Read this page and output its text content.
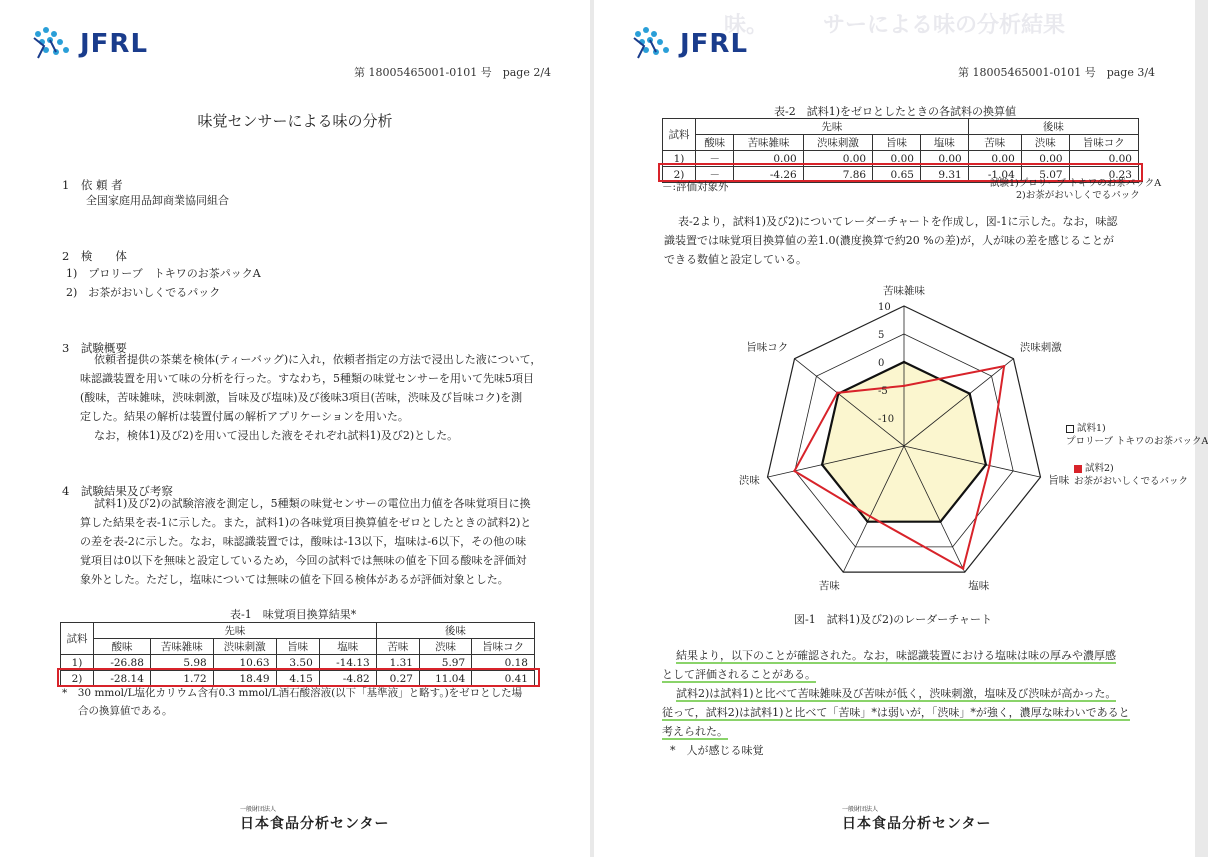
JFRL
第 18005465001-0101 号　page 2/4
味覚センサーによる味の分析
1　依 頼 者
全国家庭用品卸商業協同組合
2　検　　体
1)　プロリーブ　トキワのお茶パックA
2)　お茶がおいしくでるパック
3　試験概要
依頼者提供の茶葉を検体(ティーバッグ)に入れ，依頼者指定の方法で浸出した液について，
味認識装置を用いて味の分析を行った。すなわち，5種類の味覚センサーを用いて先味5項目
(酸味，苦味雑味，渋味刺激，旨味及び塩味)及び後味3項目(苦味，渋味及び旨味コク)を測
定した。結果の解析は装置付属の解析アプリケーションを用いた。
なお，検体1)及び2)を用いて浸出した液をそれぞれ試料1)及び2)とした。
4　試験結果及び考察
試料1)及び2)の試験溶液を測定し，5種類の味覚センサーの電位出力値を各味覚項目に換
算した結果を表-1に示した。また，試料1)の各味覚項目換算値をゼロとしたときの試料2)と
の差を表-2に示した。なお，味認識装置では，酸味は-13以下，塩味は-6以下，その他の味
覚項目は0以下を無味と設定しているため，今回の試料では無味の値を下回る酸味を評価対
象外とした。ただし，塩味については無味の値を下回る検体があるが評価対象とした。
表-1　味覚項目換算結果*
試料	先味					後味		
	酸味	苦味雑味	渋味刺激	旨味	塩味	苦味	渋味	旨味コク
1)	-26.88	5.98	10.63	3.50	-14.13	1.31	5.97	0.18
2)	-28.14	1.72	18.49	4.15	-4.82	0.27	11.04	0.41
*　30 mmol/L塩化カリウム含有0.3 mmol/L酒石酸溶液(以下「基準液」と略す。)をゼロとした場
合の換算値である。
一般財団法人
日本食品分析センター
味。　　　サーによる味の分析結果
JFRL
第 18005465001-0101 号　page 3/4
表-2　試料1)をゼロとしたときの各試料の換算値
試料	先味					後味		
	酸味	苦味雑味	渋味刺激	旨味	塩味	苦味	渋味	旨味コク
1)	－	0.00	0.00	0.00	0.00	0.00	0.00	0.00
2)	－	-4.26	7.86	0.65	9.31	-1.04	5.07	0.23
－:評価対象外	試験1)プロリーブ トキワのお茶パックA
2)お茶がおいしくでるパック
表-2より，試料1)及び2)についてレーダーチャートを作成し，図-1に示した。なお，味認
識装置では味覚項目換算値の差1.0(濃度換算で約20 %の差)が，人が味の差を感じることが
できる数値と設定している。
10
5
0
-5
-10
苦味雑味
渋味刺激
旨味
塩味
苦味
渋味
旨味コク
試料1)
プロリーブ トキワのお茶パックA
試料2)
お茶がおいしくでるパック
図-1　試料1)及び2)のレーダーチャート
結果より，以下のことが確認された。なお，味認識装置における塩味は味の厚みや濃厚感
として評価されることがある。
試料2)は試料1)と比べて苦味雑味及び苦味が低く，渋味刺激，塩味及び渋味が高かった。
従って，試料2)は試料1)と比べて「苦味」*は弱いが，「渋味」*が強く，濃厚な味わいであると
考えられた。
*　人が感じる味覚
一般財団法人
日本食品分析センター
